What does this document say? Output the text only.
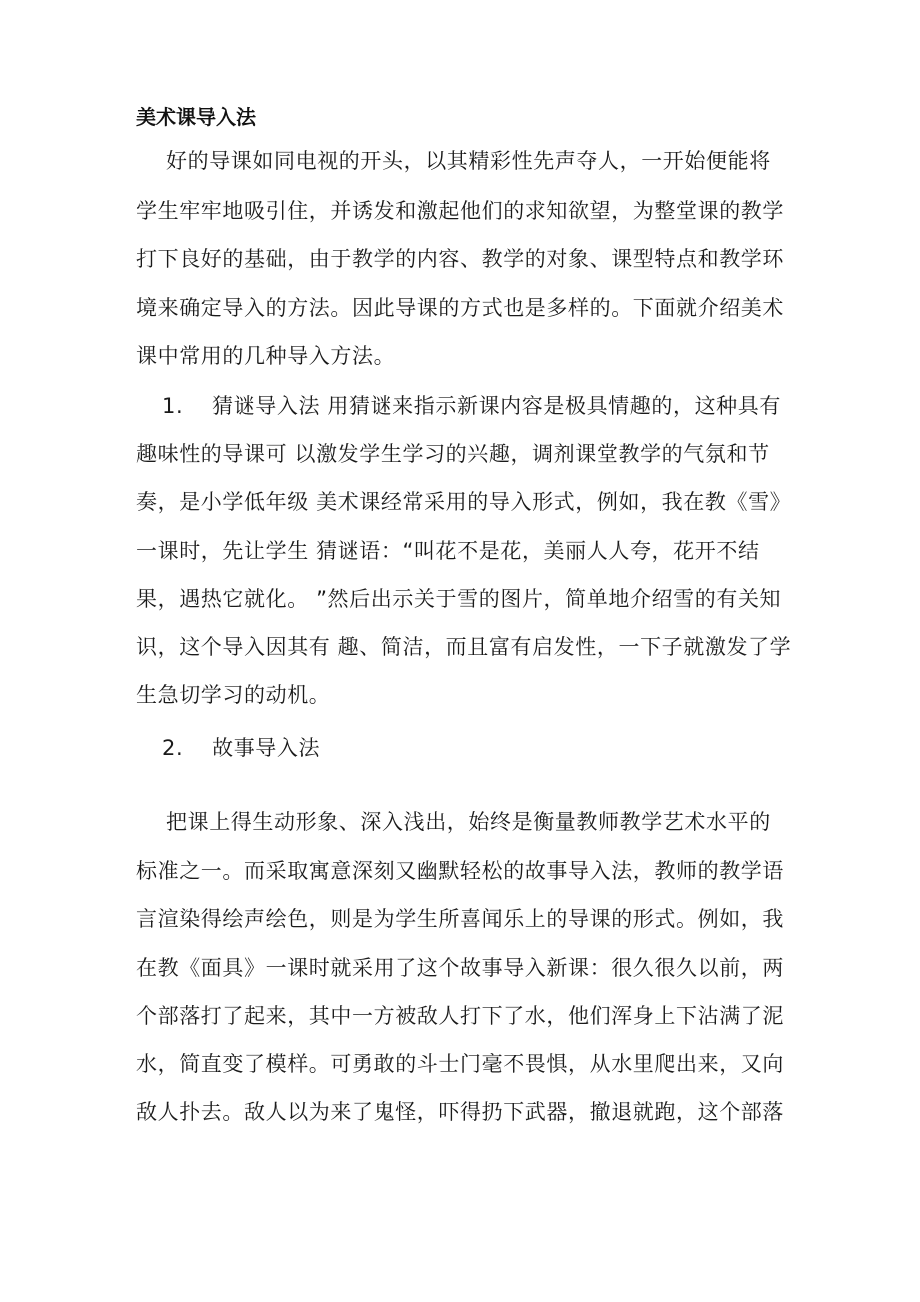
美术课导入法
好的导课如同电视的开头，以其精彩性先声夺人，一开始便能将
学生牢牢地吸引住，并诱发和激起他们的求知欲望，为整堂课的教学
打下良好的基础，由于教学的内容、教学的对象、课型特点和教学环
境来确定导入的方法。因此导课的方式也是多样的。下面就介绍美术
课中常用的几种导入方法。
1.　 猜谜导入法 用猜谜来指示新课内容是极具情趣的，这种具有
趣味性的导课可 以激发学生学习的兴趣，调剂课堂教学的气氛和节
奏，是小学低年级 美术课经常采用的导入形式，例如，我在教《雪》
一课时，先让学生 猜谜语：“叫花不是花，美丽人人夸，花开不结
果，遇热它就化。 ”然后出示关于雪的图片，简单地介绍雪的有关知
识，这个导入因其有 趣、简洁，而且富有启发性，一下子就激发了学
生急切学习的动机。
2.　 故事导入法
把课上得生动形象、深入浅出，始终是衡量教师教学艺术水平的
标准之一。而采取寓意深刻又幽默轻松的故事导入法，教师的教学语
言渲染得绘声绘色，则是为学生所喜闻乐上的导课的形式。例如，我
在教《面具》一课时就采用了这个故事导入新课：很久很久以前，两
个部落打了起来，其中一方被敌人打下了水，他们浑身上下沾满了泥
水，简直变了模样。可勇敢的斗士门毫不畏惧，从水里爬出来，又向
敌人扑去。敌人以为来了鬼怪，吓得扔下武器，撤退就跑，这个部落
